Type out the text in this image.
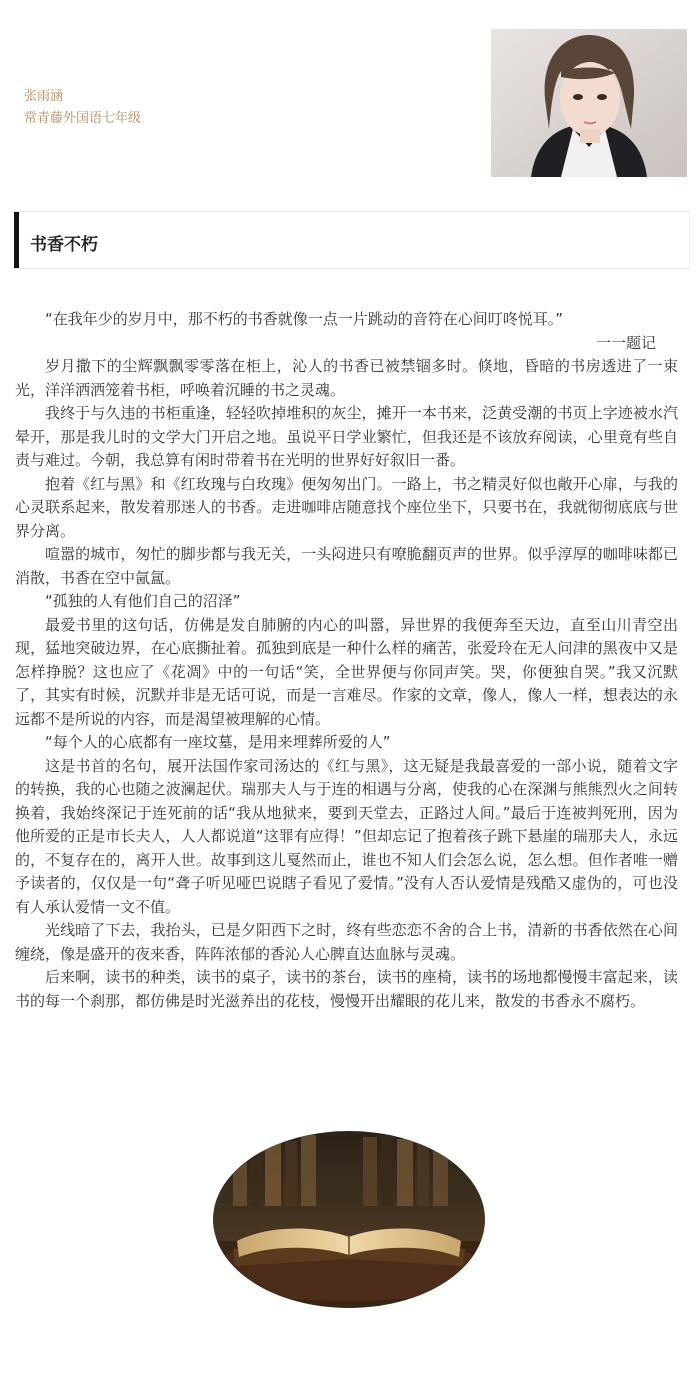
张雨涵
常青藤外国语七年级
书香不朽

“在我年少的岁月中，那不朽的书香就像一点一片跳动的音符在心间叮咚悦耳。”

一一题记

岁月撒下的尘辉飘飘零零落在柜上，沁人的书香已被禁锢多时。倏地，昏暗的书房透进了一束光，洋洋洒洒笼着书柜，呼唤着沉睡的书之灵魂。

我终于与久违的书柜重逢，轻轻吹掉堆积的灰尘，摊开一本书来，泛黄受潮的书页上字迹被水汽晕开，那是我儿时的文学大门开启之地。虽说平日学业繁忙，但我还是不该放弃阅读，心里竟有些自责与难过。今朝，我总算有闲时带着书在光明的世界好好叙旧一番。

抱着《红与黑》和《红玫瑰与白玫瑰》便匆匆出门。一路上，书之精灵好似也敞开心扉，与我的心灵联系起来，散发着那迷人的书香。走进咖啡店随意找个座位坐下，只要书在，我就彻彻底底与世界分离。

喧嚣的城市，匆忙的脚步都与我无关，一头闷进只有嘹脆翻页声的世界。似乎淳厚的咖啡味都已消散，书香在空中氤氲。

“孤独的人有他们自己的沼泽”

最爱书里的这句话，仿佛是发自肺腑的内心的叫嚣，异世界的我便奔至天边，直至山川青空出现，猛地突破边界，在心底撕扯着。孤独到底是一种什么样的痛苦，张爱玲在无人问津的黑夜中又是怎样挣脱？这也应了《花凋》中的一句话“笑，全世界便与你同声笑。哭，你便独自哭。”我又沉默了，其实有时候，沉默并非是无话可说，而是一言难尽。作家的文章，像人，像人一样，想表达的永远都不是所说的内容，而是渴望被理解的心情。

“每个人的心底都有一座坟墓，是用来埋葬所爱的人”

这是书首的名句，展开法国作家司汤达的《红与黑》，这无疑是我最喜爱的一部小说，随着文字的转换，我的心也随之波澜起伏。瑞那夫人与于连的相遇与分离，使我的心在深渊与熊熊烈火之间转换着，我始终深记于连死前的话“我从地狱来，要到天堂去，正路过人间。”最后于连被判死刑，因为他所爱的正是市长夫人，人人都说道“这罪有应得！”但却忘记了抱着孩子跳下悬崖的瑞那夫人，永远的，不复存在的，离开人世。故事到这儿戛然而止，谁也不知人们会怎么说，怎么想。但作者唯一赠予读者的，仅仅是一句“聋子听见哑巴说瞎子看见了爱情。”没有人否认爱情是残酷又虚伪的，可也没有人承认爱情一文不值。

光线暗了下去，我抬头，已是夕阳西下之时，终有些恋恋不舍的合上书，清新的书香依然在心间缠绕，像是盛开的夜来香，阵阵浓郁的香沁人心脾直达血脉与灵魂。

后来啊，读书的种类，读书的桌子，读书的茶台，读书的座椅，读书的场地都慢慢丰富起来，读书的每一个刹那，都仿佛是时光滋养出的花枝，慢慢开出耀眼的花儿来，散发的书香永不腐朽。
